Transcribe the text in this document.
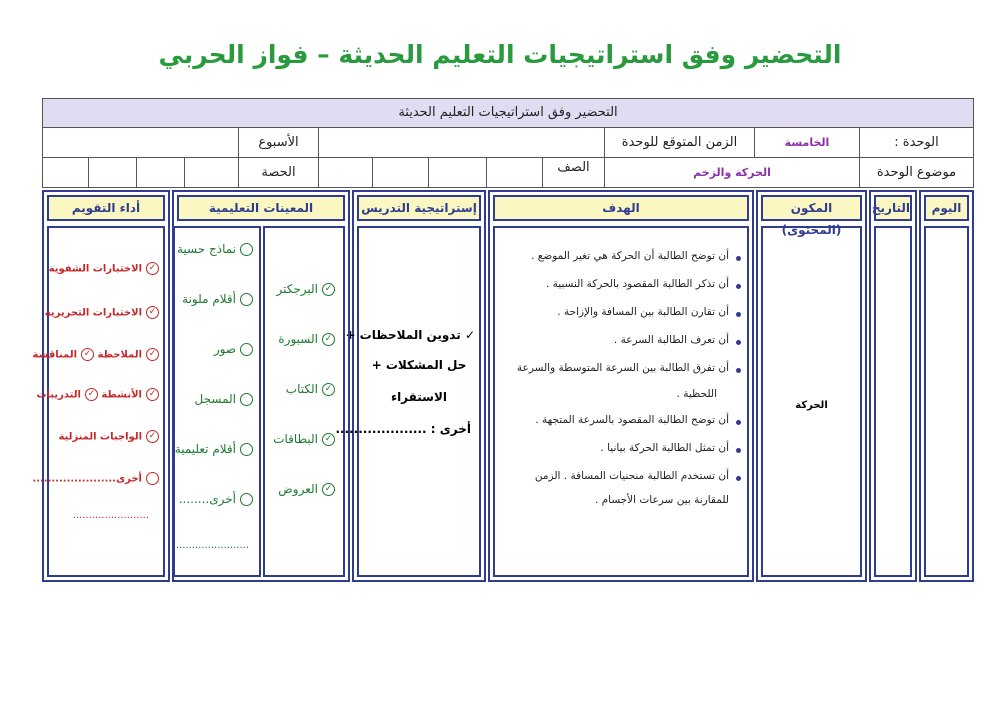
التحضير وفق استراتيجيات التعليم الحديثة – فواز الحربي
التحضير وفق استراتيجيات التعليم الحديثة
الوحدة :
الخامسة
الزمن المتوقع للوحدة
الأسبوع
موضوع الوحدة
الحركة والزخم
الصف
الحصة
اليوم
التاريخ
المكون (المحتوى)
الحركة
الهدف
أن توضح الطالبة أن الحركة هي تغير الموضع .
أن تذكر الطالبة المقصود بالحركة النسبية .
أن تقارن الطالبة بين المسافة والإزاحة .
أن تعرف الطالبة السرعة .
أن تفرق الطالبة بين السرعة المتوسطة والسرعة
اللحظية .
أن توضح الطالبة المقصود بالسرعة المتجهة .
أن تمثل الطالبة الحركة بيانيا .
أن تستخدم الطالبة منحنيات المسافة . الزمن
للمقارنة بين سرعات الأجسام .
إستراتيجية التدريس
✓ تدوين الملاحظات +
حل المشكلات +
الاستقراء
أخرى : ....................
المعينات التعليمية
✓البرجكتر
✓السبورة
✓الكتاب
✓البطاقات
✓العروض
نماذج حسية
أقلام ملونة
صور
المسجل
أقلام تعليمية
أخرى........
........................
أداء التقويم
✓الاختبارات الشفوية
✓الاختبارات التحريرية
✓الملاحظة ✓المناقشة
✓الأنشطة ✓التدريبات
✓الواجبات المنزلية
أخرى......................
........................
